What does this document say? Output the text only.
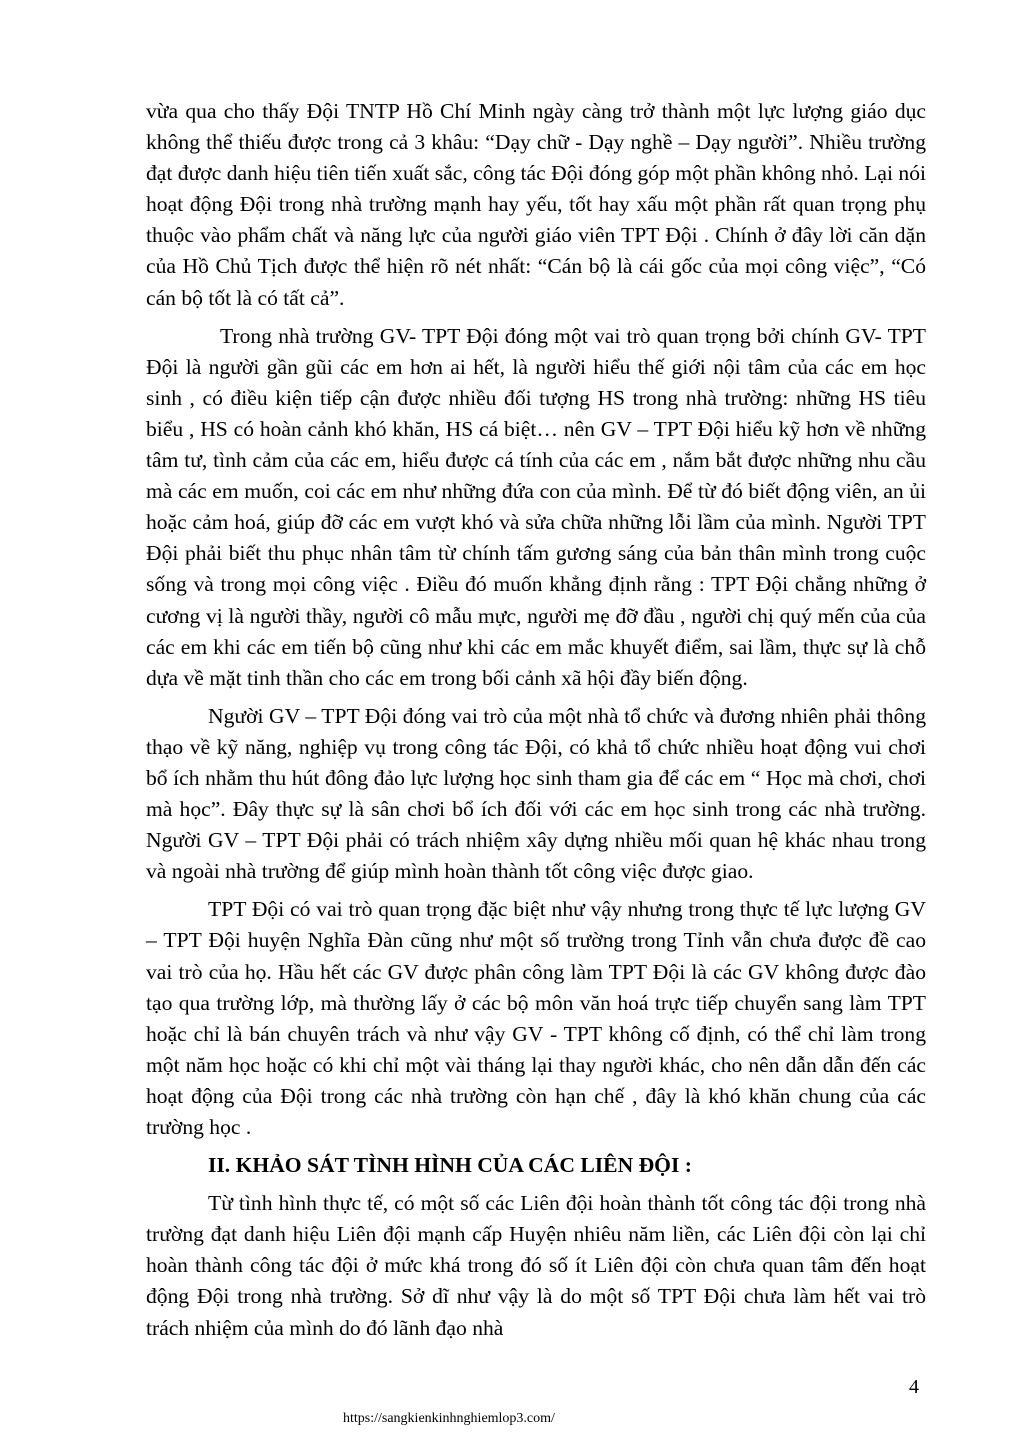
vừa qua cho thấy Đội TNTP Hồ Chí Minh ngày càng trở thành một lực lượng giáo dục không thể thiếu được trong cả 3 khâu: “Dạy chữ - Dạy nghề – Dạy người”. Nhiều trường đạt được danh hiệu tiên tiến xuất sắc, công tác Đội đóng góp một phần không nhỏ. Lại nói hoạt động Đội trong nhà trường mạnh hay yếu, tốt hay xấu một phần rất quan trọng phụ thuộc vào phẩm chất và năng lực của người giáo viên TPT Đội . Chính ở đây lời căn dặn của Hồ Chủ Tịch được thể hiện rõ nét nhất: “Cán bộ là cái gốc của mọi công việc”, “Có cán bộ tốt là có tất cả”.

Trong nhà trường GV- TPT Đội đóng một vai trò quan trọng bởi chính GV- TPT Đội là người gần gũi các em hơn ai hết, là người hiểu thế giới nội tâm của các em học sinh , có điều kiện tiếp cận được nhiều đối tượng HS trong nhà trường: những HS tiêu biểu , HS có hoàn cảnh khó khăn, HS cá biệt… nên GV – TPT Đội hiểu kỹ hơn về những tâm tư, tình cảm của các em, hiểu được cá tính của các em , nắm bắt được những nhu cầu mà các em muốn, coi các em như những đứa con của mình. Để từ đó biết động viên, an ủi hoặc cảm hoá, giúp đỡ các em vượt khó và sửa chữa những lỗi lầm của mình. Người TPT Đội phải biết thu phục nhân tâm từ chính tấm gương sáng của bản thân mình trong cuộc sống và trong mọi công việc . Điều đó muốn khẳng định rằng : TPT Đội chẳng những ở cương vị là người thầy, người cô mẫu mực, người mẹ đỡ đầu , người chị quý mến của của các em khi các em tiến bộ cũng như khi các em mắc khuyết điểm, sai lầm, thực sự là chỗ dựa về mặt tinh thần cho các em trong bối cảnh xã hội đầy biến động.

Người GV – TPT Đội đóng vai trò của một nhà tổ chức và đương nhiên phải thông thạo về kỹ năng, nghiệp vụ trong công tác Đội, có khả tổ chức nhiều hoạt động vui chơi bổ ích nhằm thu hút đông đảo lực lượng học sinh tham gia để các em “ Học mà chơi, chơi mà học”. Đây thực sự là sân chơi bổ ích đối với các em học sinh trong các nhà trường. Người GV – TPT Đội phải có trách nhiệm xây dựng nhiều mối quan hệ khác nhau trong và ngoài nhà trường để giúp mình hoàn thành tốt công việc được giao.

TPT Đội có vai trò quan trọng đặc biệt như vậy nhưng trong thực tế lực lượng GV – TPT Đội huyện Nghĩa Đàn cũng như một số trường trong Tỉnh vẫn chưa được đề cao vai trò của họ. Hầu hết các GV được phân công làm TPT Đội là các GV không được đào tạo qua trường lớp, mà thường lấy ở các bộ môn văn hoá trực tiếp chuyển sang làm TPT hoặc chỉ là bán chuyên trách và như vậy GV - TPT không cố định, có thể chỉ làm trong một năm học hoặc có khi chỉ một vài tháng lại thay người khác, cho nên dẫn dẫn đến các hoạt động của Đội trong các nhà trường còn hạn chế , đây là khó khăn chung của các trường học .

II. KHẢO SÁT TÌNH HÌNH CỦA CÁC LIÊN ĐỘI :

Từ tình hình thực tế, có một số các Liên đội hoàn thành tốt công tác đội trong nhà trường đạt danh hiệu Liên đội mạnh cấp Huyện nhiêu năm liền, các Liên đội còn lại chỉ hoàn thành công tác đội ở mức khá trong đó số ít Liên đội còn chưa quan tâm đến hoạt động Đội trong nhà trường. Sở dĩ như vậy là do một số TPT Đội chưa làm hết vai trò trách nhiệm của mình do đó lãnh đạo nhà

4
https://sangkienkinhnghiemlop3.com/
